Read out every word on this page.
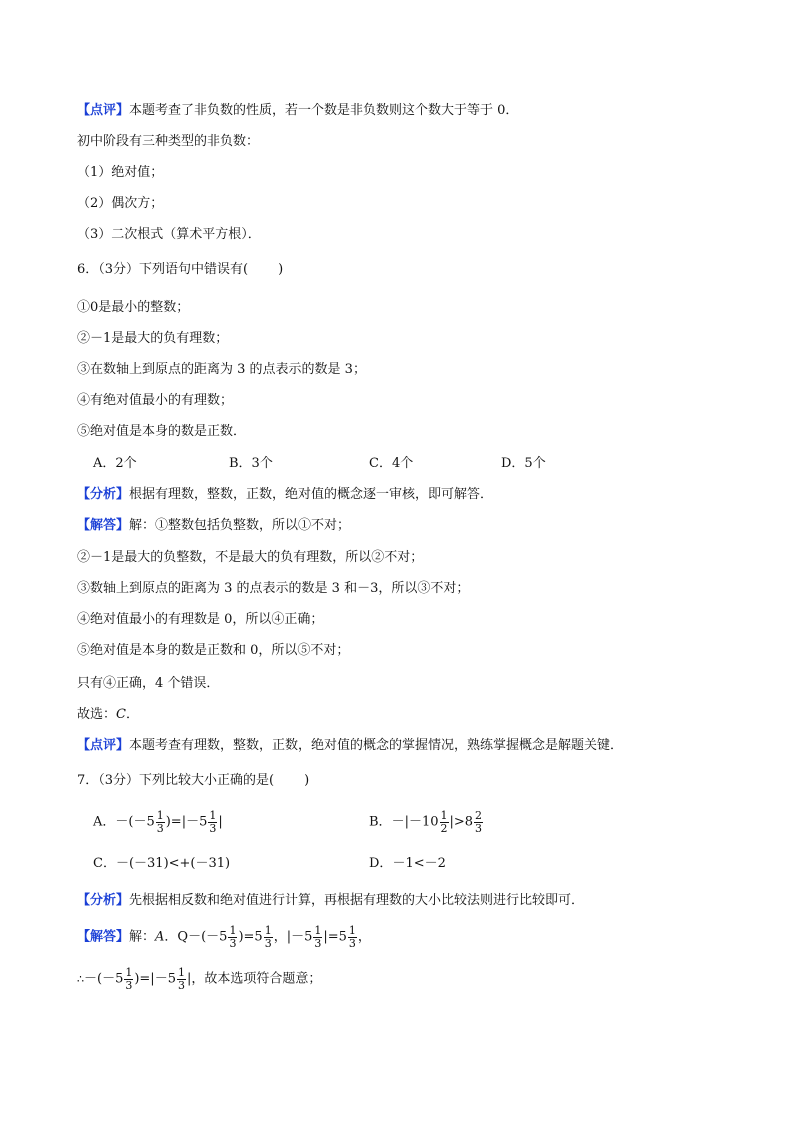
【点评】本题考查了非负数的性质，若一个数是非负数则这个数大于等于 0．
初中阶段有三种类型的非负数：
（1）绝对值；
（2）偶次方；
（3）二次根式（算术平方根）．
6．（3分）下列语句中错误有( )
①0是最小的整数；
②－1是最大的负有理数；
③在数轴上到原点的距离为 3 的点表示的数是 3；
④有绝对值最小的有理数；
⑤绝对值是本身的数是正数．
A．2个	B．3个	C．4个	D．5个
【分析】根据有理数，整数，正数，绝对值的概念逐一审核，即可解答．
【解答】解：①整数包括负整数，所以①不对；
②－1是最大的负整数，不是最大的负有理数，所以②不对；
③数轴上到原点的距离为 3 的点表示的数是 3 和－3，所以③不对；
④绝对值最小的有理数是 0，所以④正确；
⑤绝对值是本身的数是正数和 0，所以⑤不对；
只有④正确，4 个错误．
故选：C．
【点评】本题考查有理数，整数，正数，绝对值的概念的掌握情况，熟练掌握概念是解题关键．
7．（3分）下列比较大小正确的是( )
A．$-(-5 \frac{1}{3} )=|-5 \frac{1}{3}$ |	B．$-|-10 \frac{1}{2} |>8 \frac{2}{3}$
C．－(－31)<+(－31)	D．－1<－2
【分析】先根据相反数和绝对值进行计算，再根据有理数的大小比较法则进行比较即可．
【解答】解：A．$Q-(-5 \frac{1}{3} )=5 \frac{1}{3}$ ，$|-5 \frac{1}{3} |=5 \frac{1}{3}$ ，
∴－(－5 $\frac{1}{3} )=|-5 \frac{1}{3}$ |，故本选项符合题意；
